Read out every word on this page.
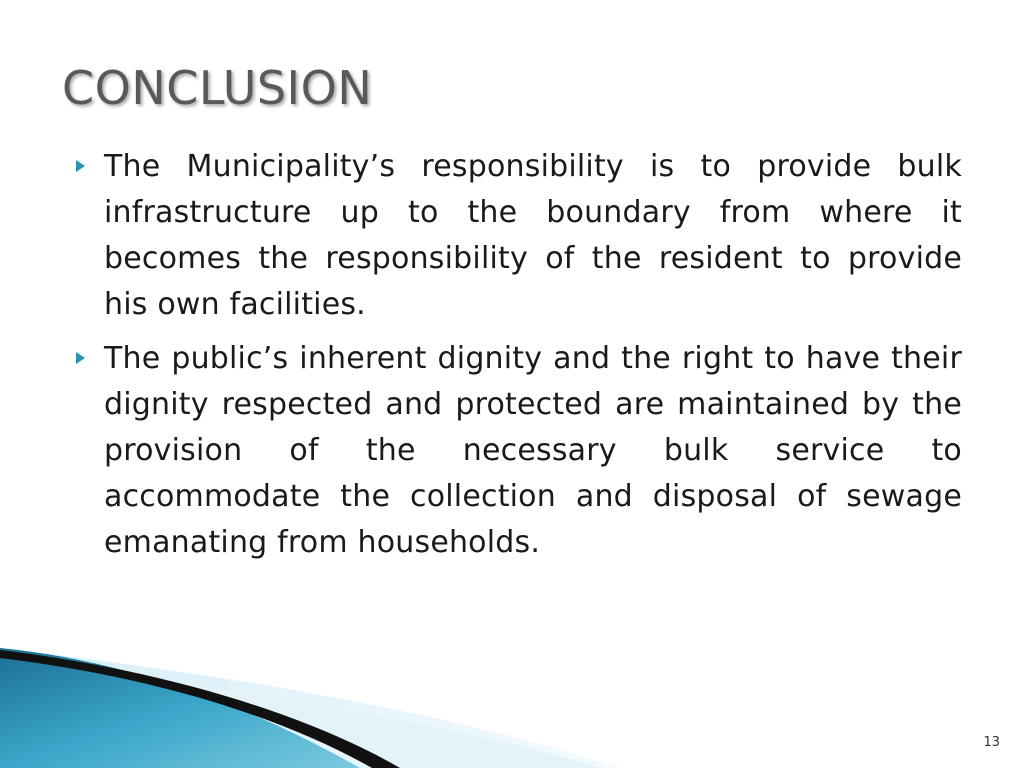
CONCLUSION
The Municipality’s responsibility is to provide bulk infrastructure up to the boundary from where it becomes the responsibility of the resident to provide his own facilities.
The public’s inherent dignity and the right to have their dignity respected and protected are maintained by the provision of the necessary bulk service to accommodate the collection and disposal of sewage emanating from households.
13
